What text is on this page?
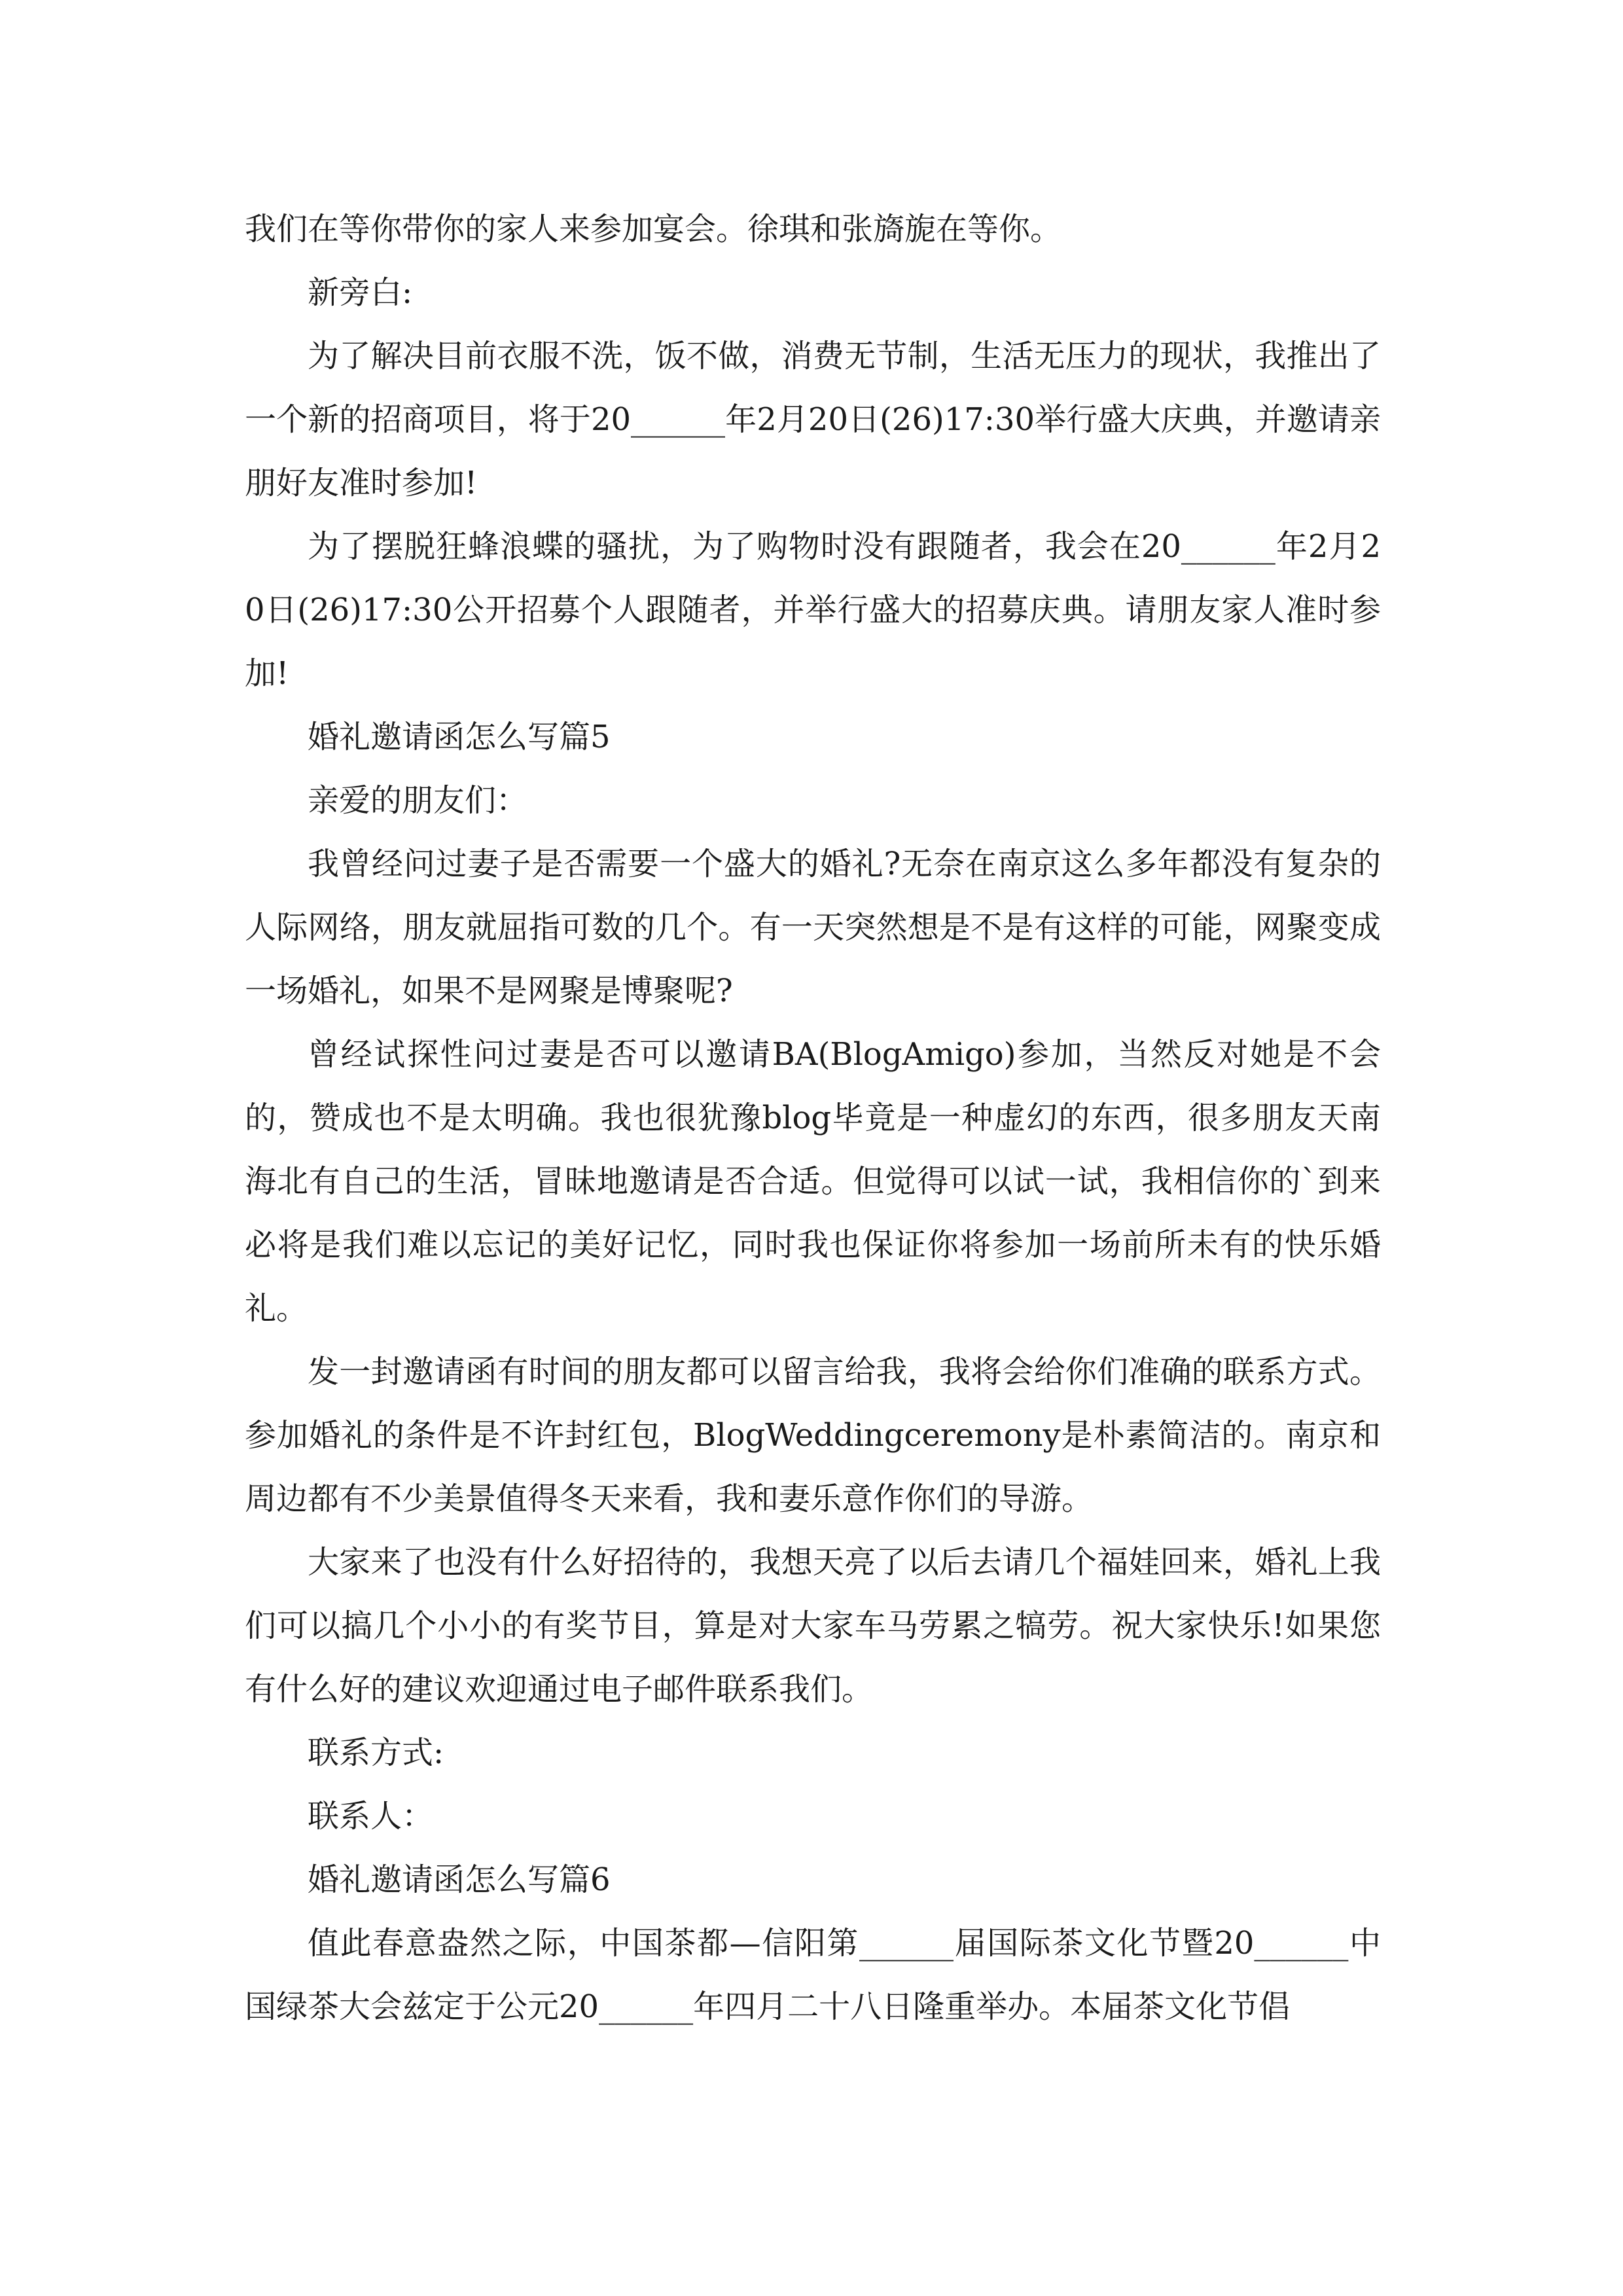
我们在等你带你的家人来参加宴会。徐琪和张旖旎在等你。

新旁白:

为了解决目前衣服不洗，饭不做，消费无节制，生活无压力的现状，我推出了一个新的招商项目，将于20______年2月20日(26)17:30举行盛大庆典，并邀请亲朋好友准时参加!

为了摆脱狂蜂浪蝶的骚扰，为了购物时没有跟随者，我会在20______年2月20日(26)17:30公开招募个人跟随者，并举行盛大的招募庆典。请朋友家人准时参加!

婚礼邀请函怎么写篇5

亲爱的朋友们：

我曾经问过妻子是否需要一个盛大的婚礼?无奈在南京这么多年都没有复杂的人际网络，朋友就屈指可数的几个。有一天突然想是不是有这样的可能，网聚变成一场婚礼，如果不是网聚是博聚呢?

曾经试探性问过妻是否可以邀请BA(BlogAmigo)参加，当然反对她是不会的，赞成也不是太明确。我也很犹豫blog毕竟是一种虚幻的东西，很多朋友天南海北有自己的生活，冒昧地邀请是否合适。但觉得可以试一试，我相信你的`到来必将是我们难以忘记的美好记忆，同时我也保证你将参加一场前所未有的快乐婚礼。

发一封邀请函有时间的朋友都可以留言给我，我将会给你们准确的联系方式。参加婚礼的条件是不许封红包，BlogWeddingceremony是朴素简洁的。南京和周边都有不少美景值得冬天来看，我和妻乐意作你们的导游。

大家来了也没有什么好招待的，我想天亮了以后去请几个福娃回来，婚礼上我们可以搞几个小小的有奖节目，算是对大家车马劳累之犒劳。祝大家快乐!如果您有什么好的建议欢迎通过电子邮件联系我们。

联系方式:

联系人：

婚礼邀请函怎么写篇6

值此春意盎然之际，中国茶都—信阳第______届国际茶文化节暨20______中国绿茶大会兹定于公元20______年四月二十八日隆重举办。本届茶文化节倡
